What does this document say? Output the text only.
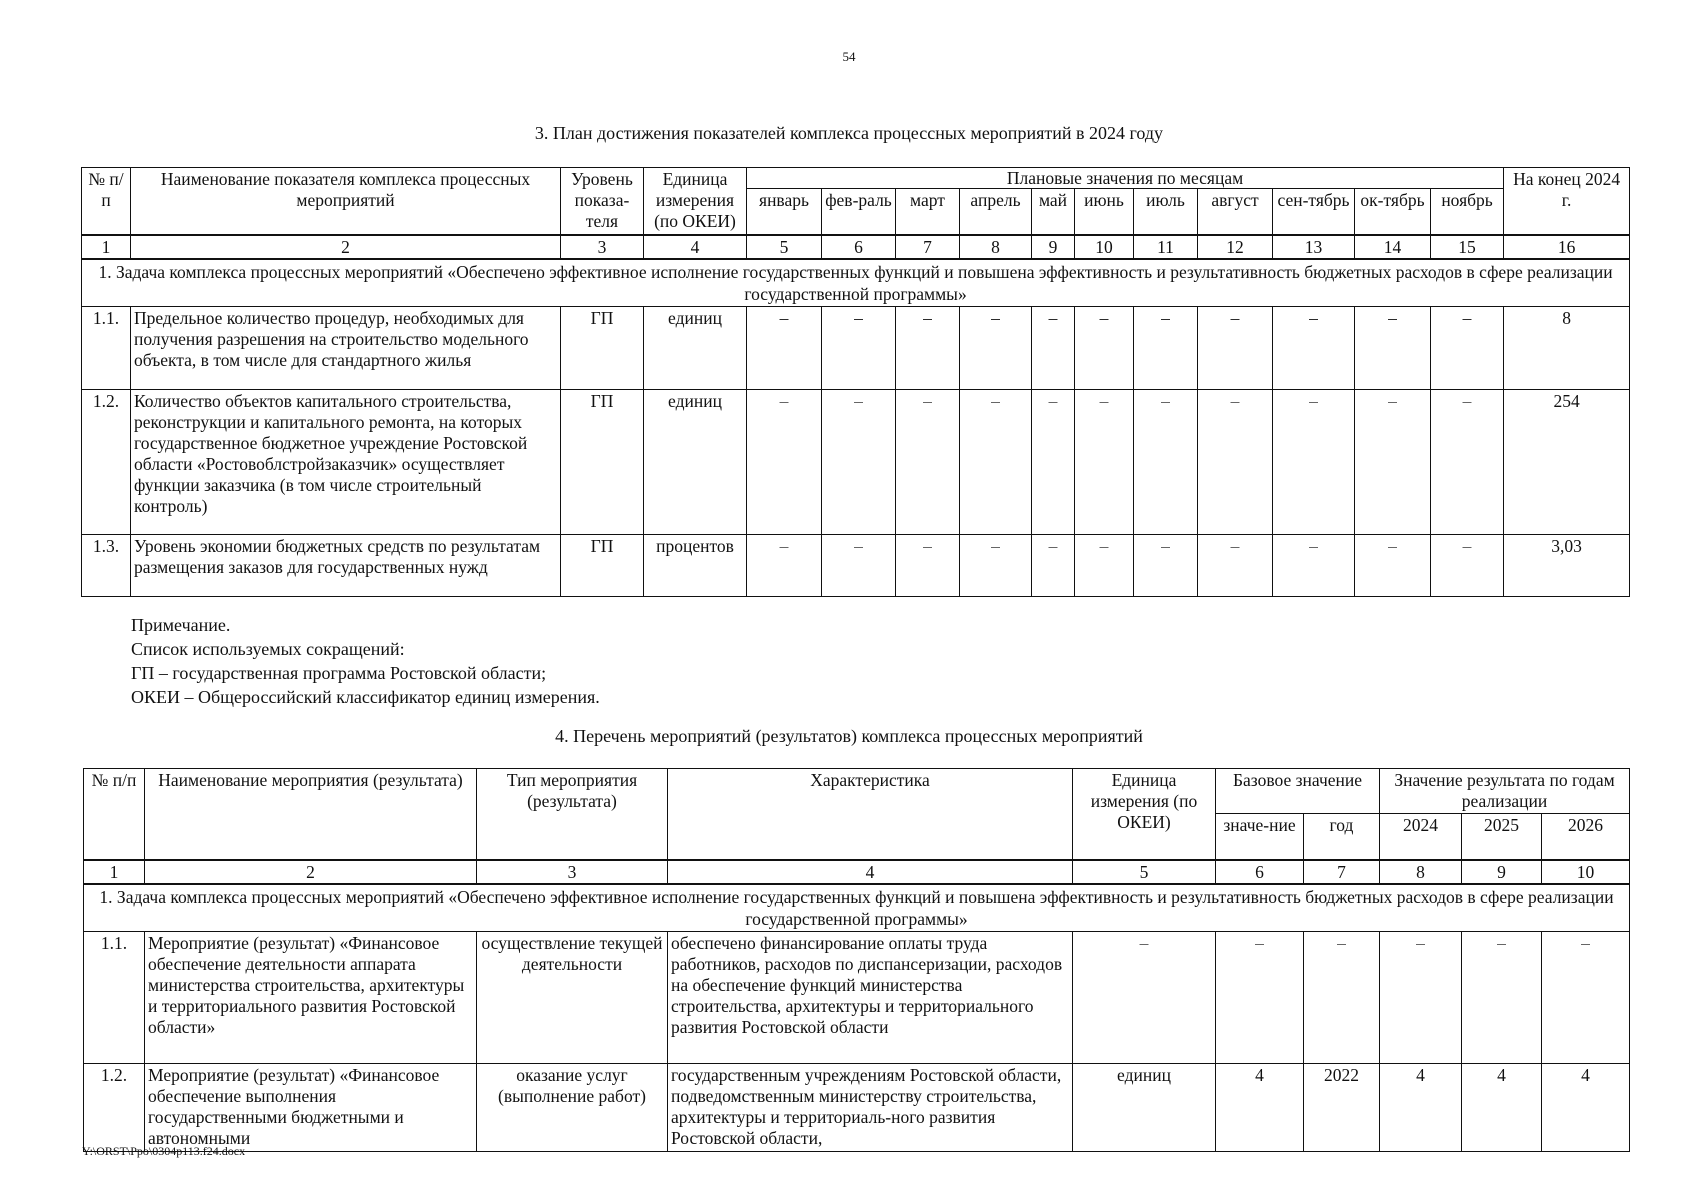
54
3. План достижения показателей комплекса процессных мероприятий в 2024 году
№ п/п	Наименование показателя комплекса процессных мероприятий	Уровень показа-теля	Единица измерения (по ОКЕИ)	Плановые значения по месяцам											На конец 2024 г.
				январь	фев-раль	март	апрель	май	июнь	июль	август	сен-тябрь	ок-тябрь	ноябрь	
1	2	3	4	5	6	7	8	9	10	11	12	13	14	15	16
1. Задача комплекса процессных мероприятий «Обеспечено эффективное исполнение государственных функций и повышена эффективность и результативность бюджетных расходов в сфере реализации государственной программы»															
1.1.	Предельное количество процедур, необходимых для получения разрешения на строительство модельного объекта, в том числе для стандартного жилья	ГП	единиц	–	–	–	–	–	–	–	–	–	–	–	8
1.2.	Количество объектов капитального строительства, реконструкции и капитального ремонта, на которых государственное бюджетное учреждение Ростовской области «Ростовоблстройзаказчик» осуществляет функции заказчика (в том числе строительный контроль)	ГП	единиц	–	–	–	–	–	–	–	–	–	–	–	254
1.3.	Уровень экономии бюджетных средств по результатам размещения заказов для государственных нужд	ГП	процентов	–	–	–	–	–	–	–	–	–	–	–	3,03
Примечание.
Список используемых сокращений:
ГП – государственная программа Ростовской области;
ОКЕИ – Общероссийский классификатор единиц измерения.
4. Перечень мероприятий (результатов) комплекса процессных мероприятий
№ п/п	Наименование мероприятия (результата)	Тип мероприятия (результата)	Характеристика	Единица измерения (по ОКЕИ)	Базовое значение		Значение результата по годам реализации		
					значе-ние	год	2024	2025	2026
1	2	3	4	5	6	7	8	9	10
1. Задача комплекса процессных мероприятий «Обеспечено эффективное исполнение государственных функций и повышена эффективность и результативность бюджетных расходов в сфере реализации государственной программы»									
1.1.	Мероприятие (результат) «Финансовое обеспечение деятельности аппарата министерства строительства, архитектуры и территориального развития Ростовской области»	осуществление текущей деятельности	обеспечено финансирование оплаты труда работников, расходов по диспансеризации, расходов на обеспечение функций министерства строительства, архитектуры и территориального развития Ростовской области	–	–	–	–	–	–
1.2.	Мероприятие (результат) «Финансовое обеспечение выполнения государственными бюджетными и автономными	оказание услуг (выполнение работ)	государственным учреждениям Ростовской области, подведомственным министерству строительства, архитектуры и территориаль-ного развития Ростовской области,	единиц	4	2022	4	4	4
Y:\ORST\Ppo\0304p113.f24.docx
